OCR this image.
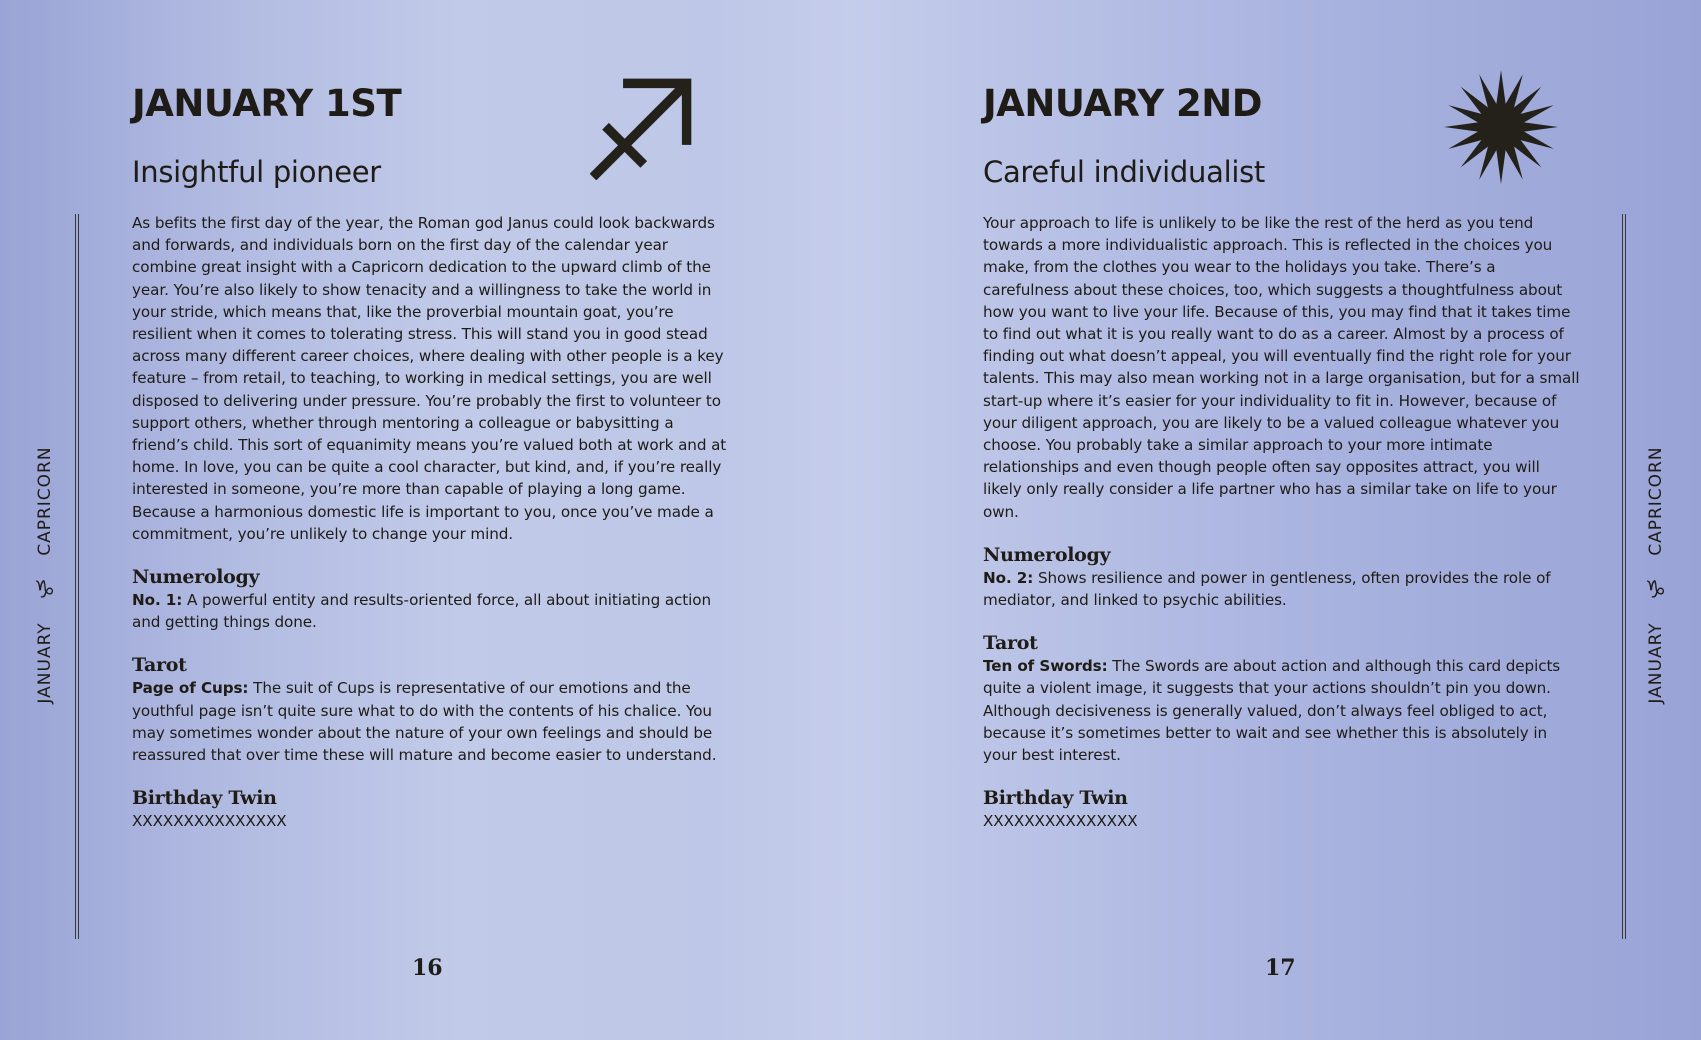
JANUARY 1ST
Insightful pioneer

As befits the first day of the year, the Roman god Janus could look backwards and forwards, and individuals born on the first day of the calendar year combine great insight with a Capricorn dedication to the upward climb of the year. You’re also likely to show tenacity and a willingness to take the world in your stride, which means that, like the proverbial mountain goat, you’re resilient when it comes to tolerating stress. This will stand you in good stead across many different career choices, where dealing with other people is a key feature – from retail, to teaching, to working in medical settings, you are well disposed to delivering under pressure. You’re probably the first to volunteer to support others, whether through mentoring a colleague or babysitting a friend’s child. This sort of equanimity means you’re valued both at work and at home. In love, you can be quite a cool character, but kind, and, if you’re really interested in someone, you’re more than capable of playing a long game. Because a harmonious domestic life is important to you, once you’ve made a commitment, you’re unlikely to change your mind.

Numerology

No. 1: A powerful entity and results-oriented force, all about initiating action and getting things done.

Tarot

Page of Cups: The suit of Cups is representative of our emotions and the youthful page isn’t quite sure what to do with the contents of his chalice. You may sometimes wonder about the nature of your own feelings and should be reassured that over time these will mature and become easier to understand.

Birthday Twin

XXXXXXXXXXXXXXX

JANUARY
♑
CAPRICORN
16
JANUARY 2ND
Careful individualist

Your approach to life is unlikely to be like the rest of the herd as you tend towards a more individualistic approach. This is reflected in the choices you make, from the clothes you wear to the holidays you take. There’s a carefulness about these choices, too, which suggests a thoughtfulness about how you want to live your life. Because of this, you may find that it takes time to find out what it is you really want to do as a career. Almost by a process of finding out what doesn’t appeal, you will eventually find the right role for your talents. This may also mean working not in a large organisation, but for a small start-up where it’s easier for your individuality to fit in. However, because of your diligent approach, you are likely to be a valued colleague whatever you choose. You probably take a similar approach to your more intimate relationships and even though people often say opposites attract, you will likely only really consider a life partner who has a similar take on life to your own.

Numerology

No. 2: Shows resilience and power in gentleness, often provides the role of mediator, and linked to psychic abilities.

Tarot

Ten of Swords: The Swords are about action and although this card depicts quite a violent image, it suggests that your actions shouldn’t pin you down. Although decisiveness is generally valued, don’t always feel obliged to act, because it’s sometimes better to wait and see whether this is absolutely in your best interest.

Birthday Twin

XXXXXXXXXXXXXXX

JANUARY
♑
CAPRICORN
17
